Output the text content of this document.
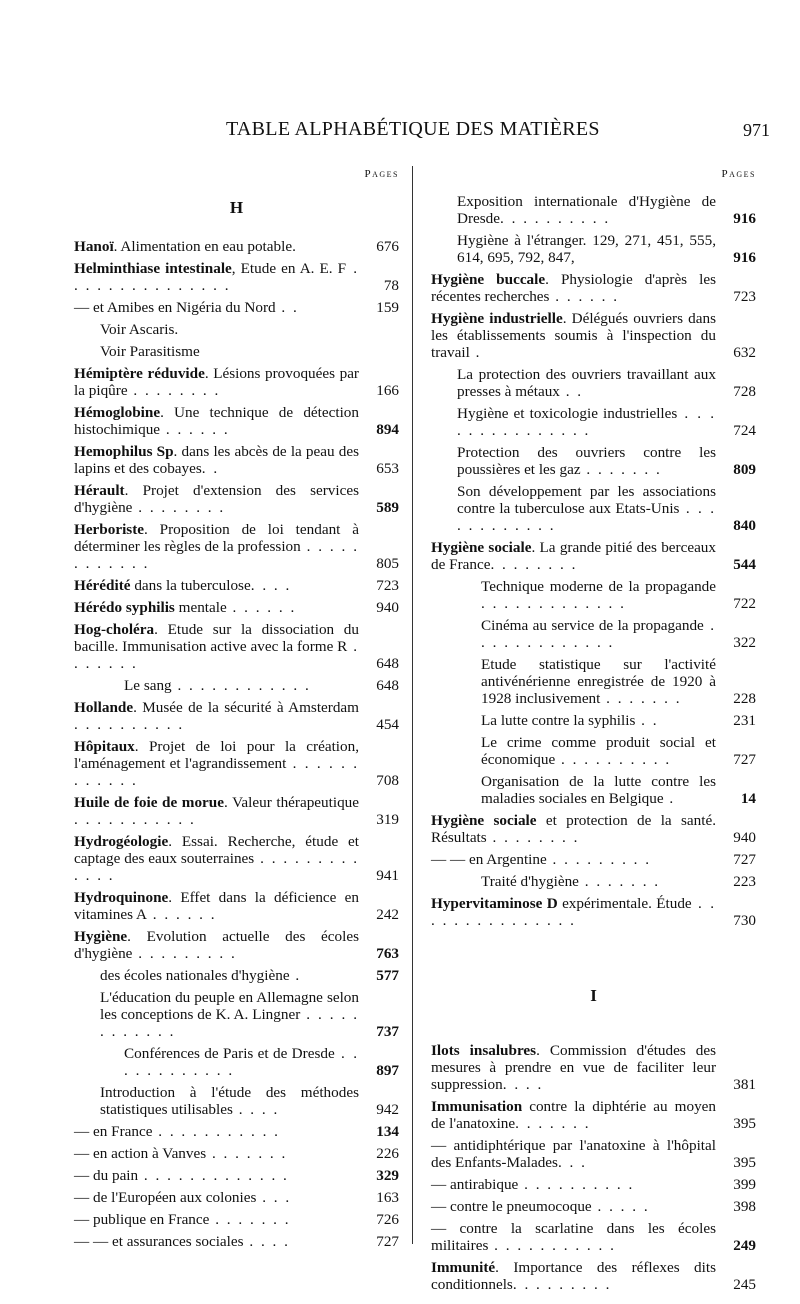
TABLE ALPHABÉTIQUE DES MATIÈRES	971
Pages
H
Hanoï. Alimentation en eau potable.	676
Helminthiase intestinale, Etude en A. E. F . . . . . . . . . . . . . . .	78
— et Amibes en Nigéria du Nord . .	159
Voir Ascaris.
Voir Parasitisme
Hémiptère réduvide. Lésions provoquées par la piqûre . . . . . . . .	166
Hémoglobine. Une technique de détection histochimique . . . . . .	894
Hemophilus Sp. dans les abcès de la peau des lapins et des cobayes. .	653
Hérault. Projet d'extension des services d'hygiène . . . . . . . .	589
Herboriste. Proposition de loi tendant à déterminer les règles de la profession . . . . . . . . . . . .	805
Hérédité dans la tuberculose. . . .	723
Hérédo syphilis mentale . . . . . .	940
Hog-choléra. Etude sur la dissociation du bacille. Immunisation active avec la forme R . . . . . . .	648
Le sang . . . . . . . . . . . .	648
Hollande. Musée de la sécurité à Amsterdam . . . . . . . . . .	454
Hôpitaux. Projet de loi pour la création, l'aménagement et l'agrandissement . . . . . . . . . . . .	708
Huile de foie de morue. Valeur thérapeutique . . . . . . . . . . .	319
Hydrogéologie. Essai. Recherche, étude et captage des eaux souterraines . . . . . . . . . . . . .	941
Hydroquinone. Effet dans la déficience en vitamines A . . . . . .	242
Hygiène. Evolution actuelle des écoles d'hygiène . . . . . . . . .	763
des écoles nationales d'hygiène .	577
L'éducation du peuple en Allemagne selon les conceptions de K. A. Lingner . . . . . . . . . . . .	737
Conférences de Paris et de Dresde . . . . . . . . . . . .	897
Introduction à l'étude des méthodes statistiques utilisables . . . .	942
— en France . . . . . . . . . . .	134
— en action à Vanves . . . . . . .	226
— du pain . . . . . . . . . . . . .	329
— de l'Européen aux colonies . . .	163
— publique en France . . . . . . .	726
— — et assurances sociales . . . .	727
Pages
Exposition internationale d'Hygiène de Dresde. . . . . . . . . .	916
Hygiène à l'étranger. 129, 271, 451, 555, 614, 695, 792, 847,	916
Hygiène buccale. Physiologie d'après les récentes recherches . . . . . .	723
Hygiène industrielle. Délégués ouvriers dans les établissements soumis à l'inspection du travail .	632
La protection des ouvriers travaillant aux presses à métaux . .	728
Hygiène et toxicologie industrielles . . . . . . . . . . . . . . .	724
Protection des ouvriers contre les poussières et les gaz . . . . . . .	809
Son développement par les associations contre la tuberculose aux Etats-Unis . . . . . . . . . . . .	840
Hygiène sociale. La grande pitié des berceaux de France. . . . . . . .	544
Technique moderne de la propagande . . . . . . . . . . . . .	722
Cinéma au service de la propagande . . . . . . . . . . . . .	322
Etude statistique sur l'activité antivénérienne enregistrée de 1920 à 1928 inclusivement . . . . . . .	228
La lutte contre la syphilis . .	231
Le crime comme produit social et économique . . . . . . . . . .	727
Organisation de la lutte contre les maladies sociales en Belgique .	14
Hygiène sociale et protection de la santé. Résultats . . . . . . . .	940
— — en Argentine . . . . . . . . .	727
Traité d'hygiène . . . . . . .	223
Hypervitaminose D expérimentale. Étude . . . . . . . . . . . . . . .	730
I
Ilots insalubres. Commission d'études des mesures à prendre en vue de faciliter leur suppression. . . .	381
Immunisation contre la diphtérie au moyen de l'anatoxine. . . . . . .	395
— antidiphtérique par l'anatoxine à l'hôpital des Enfants-Malades. . .	395
— antirabique . . . . . . . . . .	399
— contre le pneumocoque . . . . .	398
— contre la scarlatine dans les écoles militaires . . . . . . . . . . .	249
Immunité. Importance des réflexes dits conditionnels. . . . . . . . .	245
